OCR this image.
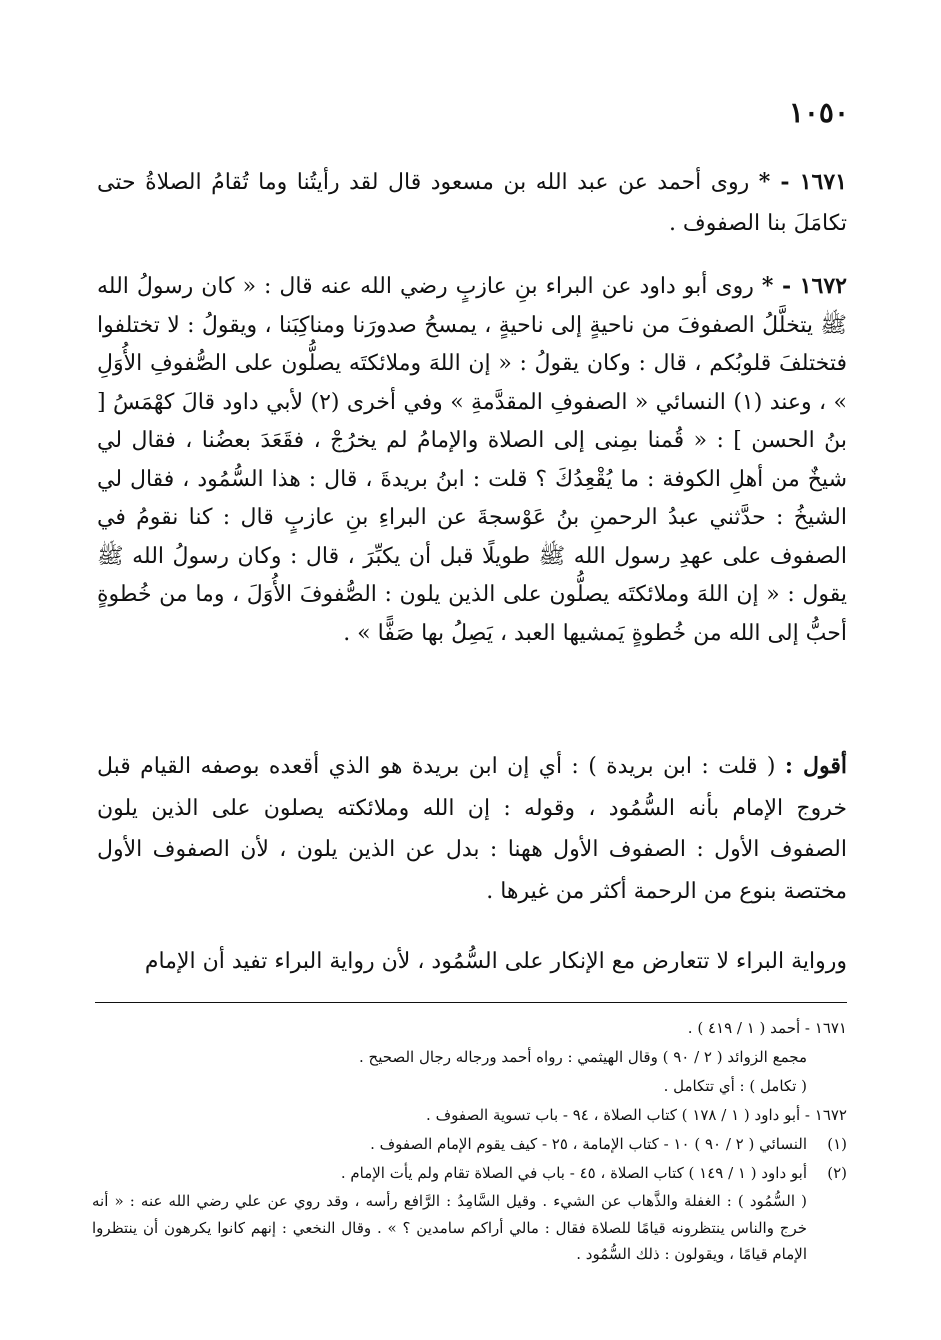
١٠٥٠

١٦٧١ - * روى أحمد عن عبد الله بن مسعود قال لقد رأيتُنا وما تُقامُ الصلاةُ حتى تكامَلَ بنا الصفوف .

١٦٧٢ - * روى أبو داود عن البراء بنِ عازبٍ رضي الله عنه قال : « كان رسولُ الله ﷺ يتخلَّلُ الصفوفَ من ناحيةٍ إلى ناحيةٍ ، يمسحُ صدورَنا ومناكِبَنا ، ويقولُ : لا تختلفوا فتختلفَ قلوبُكم ، قال : وكان يقولُ : « إن اللهَ وملائكتَه يصلُّون على الصُّفوفِ الأُوَلِ » ، وعند (١) النسائي « الصفوفِ المقدَّمةِ » وفي أخرى (٢) لأبي داود قالَ كهْمَسُ [ بنُ الحسن ] : « قُمنا بمِنى إلى الصلاة والإمامُ لم يخرُجْ ، فقَعَدَ بعضُنا ، فقال لي شيخٌ من أهلِ الكوفة : ما يُقْعِدُكَ ؟ قلت : ابنُ بريدةَ ، قال : هذا السُّمُود ، فقال لي الشيخُ : حدَّثني عبدُ الرحمنِ بنُ عَوْسجةَ عن البراءِ بنِ عازبٍ قال : كنا نقومُ في الصفوف على عهدِ رسول الله ﷺ طويلًا قبل أن يكبِّرَ ، قال : وكان رسولُ الله ﷺ يقول : « إن اللهَ وملائكتَه يصلُّون على الذين يلون : الصُّفوفَ الأُوَلَ ، وما من خُطوةٍ أحبُّ إلى الله من خُطوةٍ يَمشيها العبد ، يَصِلُ بها صَفًّا » .

أقول : ( قلت : ابن بريدة ) : أي إن ابن بريدة هو الذي أقعده بوصفه القيام قبل خروج الإمام بأنه السُّمُود ، وقوله : إن الله وملائكته يصلون على الذين يلون الصفوف الأول : الصفوف الأول ههنا : بدل عن الذين يلون ، لأن الصفوف الأول مختصة بنوع من الرحمة أكثر من غيرها .

ورواية البراء لا تتعارض مع الإنكار على السُّمُود ، لأن رواية البراء تفيد أن الإمام

١٦٧١ - أحمد ( ١ / ٤١٩ ) .

مجمع الزوائد ( ٢ / ٩٠ ) وقال الهيثمي : رواه أحمد ورجاله رجال الصحيح .

( تكامل ) : أي تتكامل .

١٦٧٢ - أبو داود ( ١ / ١٧٨ ) كتاب الصلاة ، ٩٤ - باب تسوية الصفوف .

(١)النسائي ( ٢ / ٩٠ ) ١٠ - كتاب الإمامة ، ٢٥ - كيف يقوم الإمام الصفوف .

(٢)أبو داود ( ١ / ١٤٩ ) كتاب الصلاة ، ٤٥ - باب في الصلاة تقام ولم يأت الإمام .

( السُّمُود ) : الغفلة والذَّهاب عن الشيء . وقيل السَّامِدُ : الرَّافع رأسه ، وقد روي عن علي رضي الله عنه : « أنه خرج والناس ينتظرونه قيامًا للصلاة فقال : مالي أراكم سامدين ؟ » . وقال النخعي : إنهم كانوا يكرهون أن ينتظروا الإمام قيامًا ، ويقولون : ذلك السُّمُود .
